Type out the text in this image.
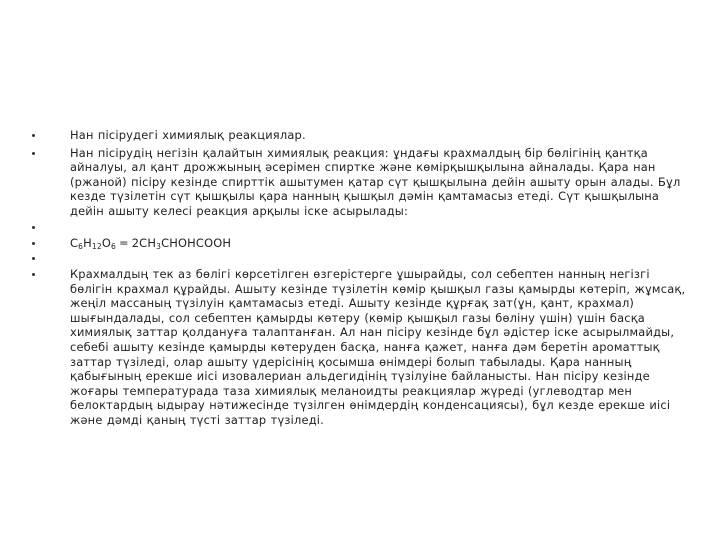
Нан пісірудегі химиялық реакциялар.
Нан пісірудің негізін қалайтын химиялық реакция: ұндағы крахмалдың бір бөлігінің қантқа айналуы, ал қант дрожжының әсерімен спиртке және көмірқышқылына айналады. Қара нан (ржаной) пісіру кезінде спирттік ашытумен қатар сүт қышқылына дейін ашыту орын алады. Бұл кезде түзілетін сүт қышқылы қара нанның қышқыл дәмін қамтамасыз етеді. Сүт қышқылына дейін ашыту келесі реакция арқылы іске асырылады:
$C_6H_{12}O_6$ ═ $2CH_3CHOHCOOH$
Крахмалдың тек аз бөлігі көрсетілген өзгерістерге ұшырайды, сол себептен нанның негізгі бөлігін крахмал құрайды. Ашыту кезінде түзілетін көмір қышқыл газы қамырды көтеріп, жұмсақ, жеңіл массаның түзілуін қамтамасыз етеді. Ашыту кезінде құрғақ зат(ұн, қант, крахмал) шығындалады, сол себептен қамырды көтеру (көмір қышқыл газы бөліну үшін) үшін басқа химиялық заттар қолдануға талаптанған. Ал нан пісіру кезінде бұл әдістер іске асырылмайды, себебі ашыту кезінде қамырды көтеруден басқа, нанға қажет, нанға дәм беретін ароматтық заттар түзіледі, олар ашыту үдерісінің қосымша өнімдері болып табылады. Қара нанның қабығының ерекше иісі изовалериан альдегидінің түзілуіне байланысты. Нан пісіру кезінде жоғары температурада таза химиялық меланоидты реакциялар жүреді (углеводтар мен белоктардың ыдырау нәтижесінде түзілген өнімдердің конденсациясы), бұл кезде ерекше иісі және дәмді қаның түсті заттар түзіледі.
